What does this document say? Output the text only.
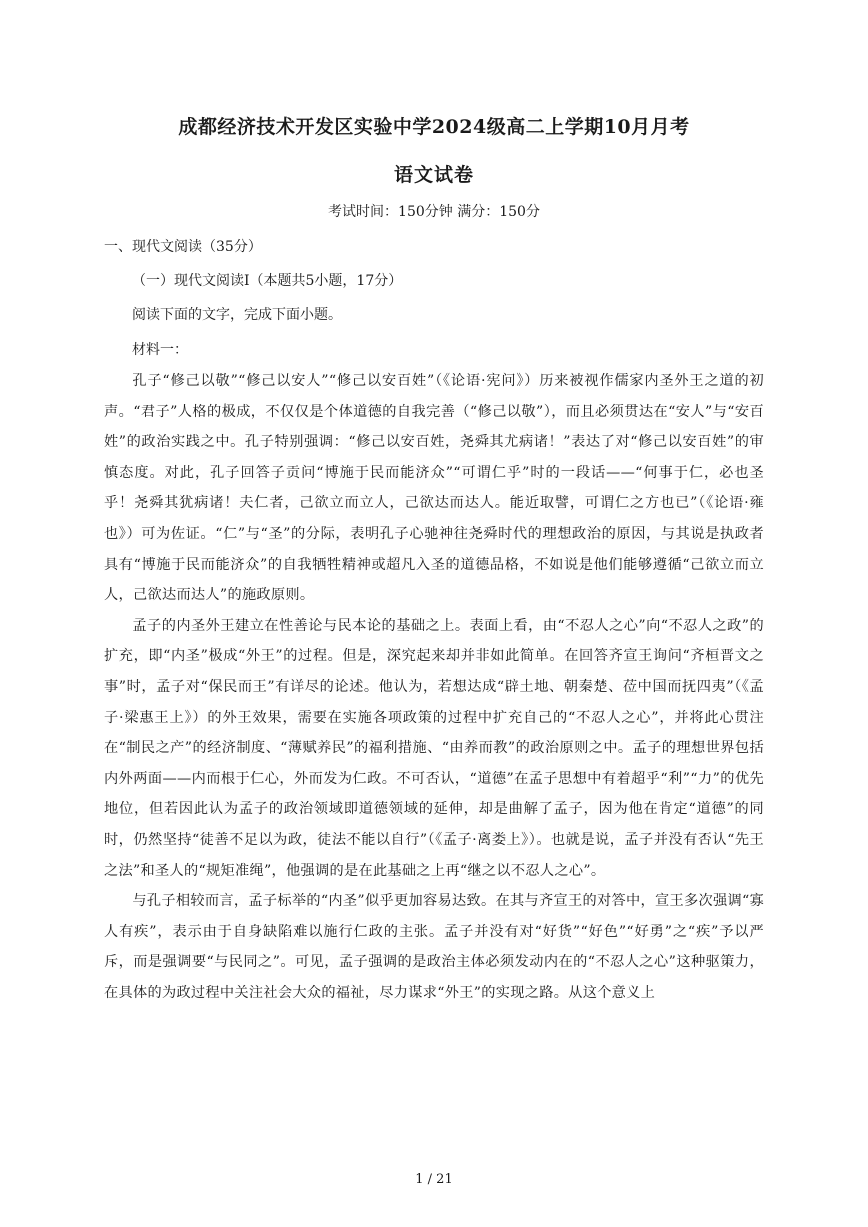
成都经济技术开发区实验中学2024级高二上学期10月月考
语文试卷
考试时间：150分钟 满分：150分
一、现代文阅读（35分）
（一）现代文阅读Ⅰ（本题共5小题，17分）
阅读下面的文字，完成下面小题。
材料一：

孔子“修己以敬”“修己以安人”“修己以安百姓”（《论语·宪问》）历来被视作儒家内圣外王之道的初声。“君子”人格的极成，不仅仅是个体道德的自我完善（“修己以敬”），而且必须贯达在“安人”与“安百姓”的政治实践之中。孔子特别强调：“修己以安百姓，尧舜其尤病诸！”表达了对“修己以安百姓”的审慎态度。对此，孔子回答子贡问“博施于民而能济众”“可谓仁乎”时的一段话——“何事于仁，必也圣乎！尧舜其犹病诸！夫仁者，己欲立而立人，己欲达而达人。能近取譬，可谓仁之方也已”（《论语·雍也》）可为佐证。“仁”与“圣”的分际，表明孔子心驰神往尧舜时代的理想政治的原因，与其说是执政者具有“博施于民而能济众”的自我牺牲精神或超凡入圣的道德品格，不如说是他们能够遵循“己欲立而立人，己欲达而达人”的施政原则。

孟子的内圣外王建立在性善论与民本论的基础之上。表面上看，由“不忍人之心”向“不忍人之政”的扩充，即“内圣”极成“外王”的过程。但是，深究起来却并非如此简单。在回答齐宣王询问“齐桓晋文之事”时，孟子对“保民而王”有详尽的论述。他认为，若想达成“辟土地、朝秦楚、莅中国而抚四夷”（《孟子·梁惠王上》）的外王效果，需要在实施各项政策的过程中扩充自己的“不忍人之心”，并将此心贯注在“制民之产”的经济制度、“薄赋养民”的福利措施、“由养而教”的政治原则之中。孟子的理想世界包括内外两面——内而根于仁心，外而发为仁政。不可否认，“道德”在孟子思想中有着超乎“利”“力”的优先地位，但若因此认为孟子的政治领域即道德领域的延伸，却是曲解了孟子，因为他在肯定“道德”的同时，仍然坚持“徒善不足以为政，徒法不能以自行”（《孟子·离娄上》）。也就是说，孟子并没有否认“先王之法”和圣人的“规矩准绳”，他强调的是在此基础之上再“继之以不忍人之心”。

与孔子相较而言，孟子标举的“内圣”似乎更加容易达致。在其与齐宣王的对答中，宣王多次强调“寡人有疾”，表示由于自身缺陷难以施行仁政的主张。孟子并没有对“好货”“好色”“好勇”之“疾”予以严斥，而是强调要“与民同之”。可见，孟子强调的是政治主体必须发动内在的“不忍人之心”这种驱策力，在具体的为政过程中关注社会大众的福祉，尽力谋求“外王”的实现之路。从这个意义上

1 / 21
